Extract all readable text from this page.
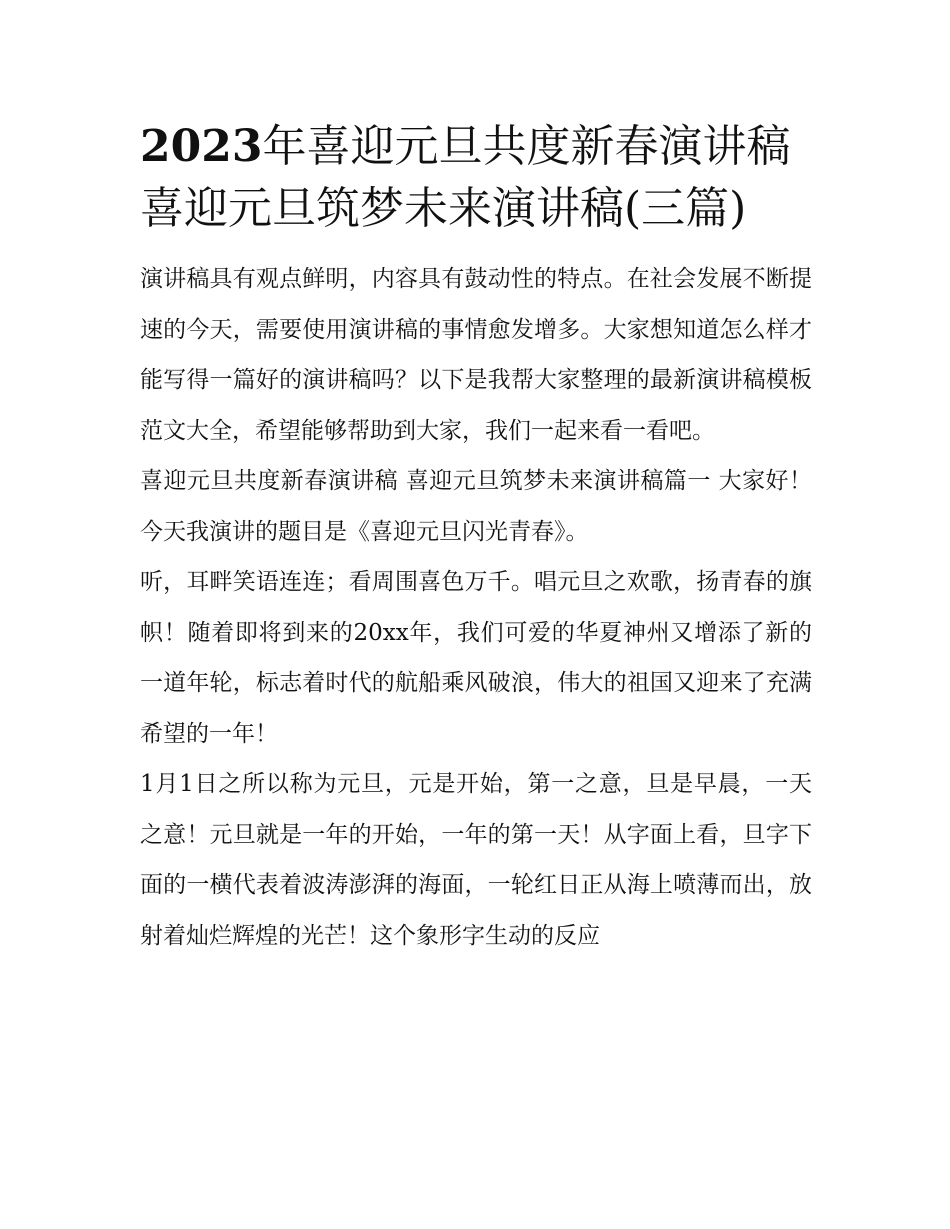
2023年喜迎元旦共度新春演讲稿 喜迎元旦筑梦未来演讲稿(三篇)

演讲稿具有观点鲜明，内容具有鼓动性的特点。在社会发展不断提速的今天，需要使用演讲稿的事情愈发增多。大家想知道怎么样才能写得一篇好的演讲稿吗？以下是我帮大家整理的最新演讲稿模板范文大全，希望能够帮助到大家，我们一起来看一看吧。

喜迎元旦共度新春演讲稿 喜迎元旦筑梦未来演讲稿篇一 大家好！今天我演讲的题目是《喜迎元旦闪光青春》。

听，耳畔笑语连连；看周围喜色万千。唱元旦之欢歌，扬青春的旗帜！随着即将到来的20xx年，我们可爱的华夏神州又增添了新的一道年轮，标志着时代的航船乘风破浪，伟大的祖国又迎来了充满希望的一年！

1月1日之所以称为元旦，元是开始，第一之意，旦是早晨，一天之意！元旦就是一年的开始，一年的第一天！从字面上看，旦字下面的一横代表着波涛澎湃的海面，一轮红日正从海上喷薄而出，放射着灿烂辉煌的光芒！这个象形字生动的反应
